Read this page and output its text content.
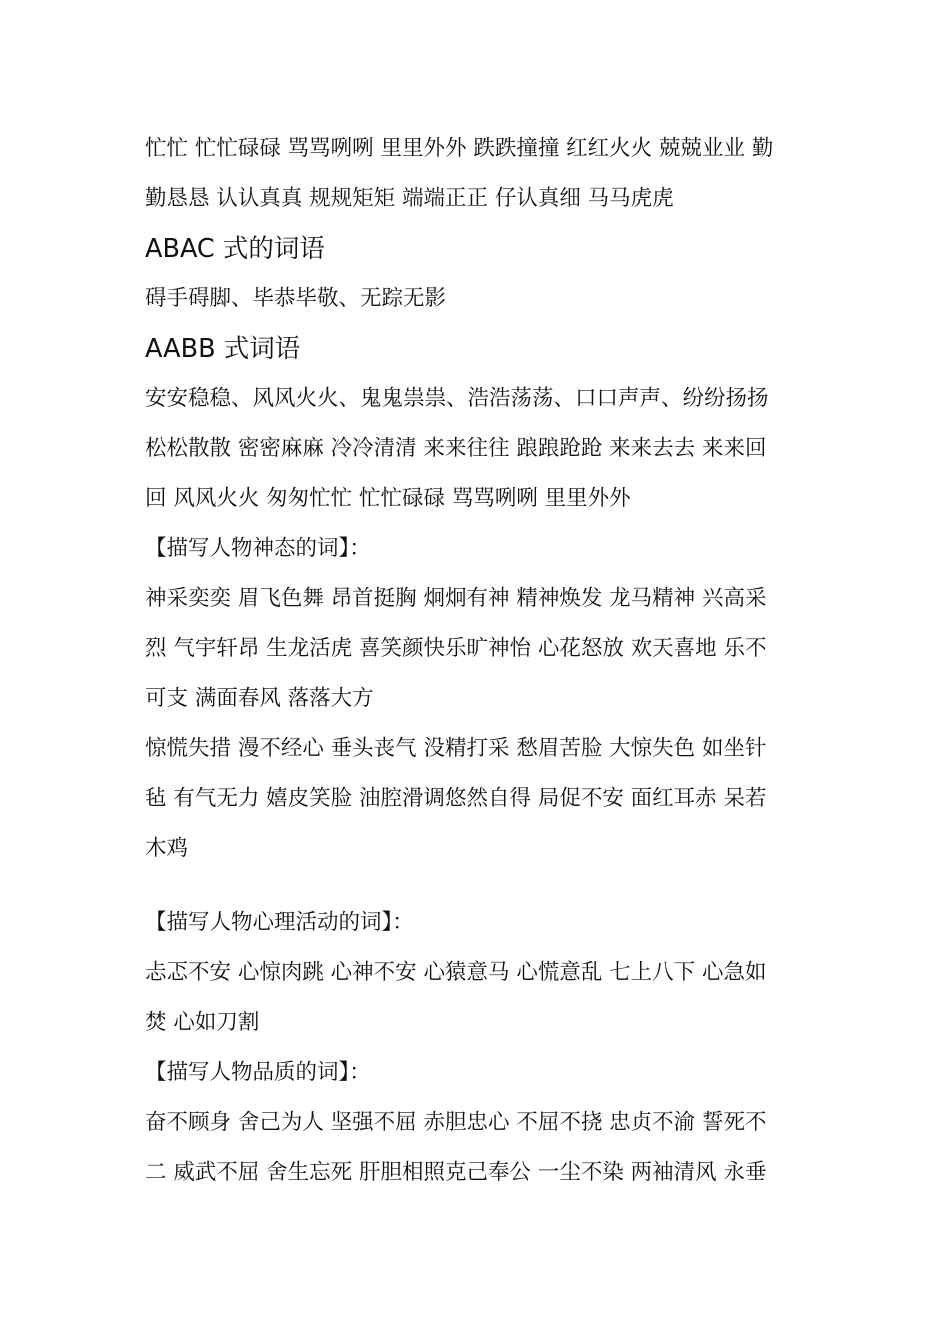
忙忙 忙忙碌碌 骂骂咧咧 里里外外 跌跌撞撞 红红火火 兢兢业业 勤
勤恳恳 认认真真 规规矩矩 端端正正 仔认真细 马马虎虎
ABAC 式的词语
碍手碍脚、毕恭毕敬、无踪无影
AABB 式词语
安安稳稳、风风火火、鬼鬼祟祟、浩浩荡荡、口口声声、纷纷扬扬
松松散散 密密麻麻 冷冷清清 来来往往 踉踉跄跄 来来去去 来来回
回 风风火火 匆匆忙忙 忙忙碌碌 骂骂咧咧 里里外外
【描写人物神态的词】：
神采奕奕 眉飞色舞 昂首挺胸 炯炯有神 精神焕发 龙马精神 兴高采
烈 气宇轩昂 生龙活虎 喜笑颜快乐旷神怡 心花怒放 欢天喜地 乐不
可支 满面春风 落落大方
惊慌失措 漫不经心 垂头丧气 没精打采 愁眉苦脸 大惊失色 如坐针
毡 有气无力 嬉皮笑脸 油腔滑调悠然自得 局促不安 面红耳赤 呆若
木鸡
【描写人物心理活动的词】：
忐忑不安 心惊肉跳 心神不安 心猿意马 心慌意乱 七上八下 心急如
焚 心如刀割
【描写人物品质的词】：
奋不顾身 舍己为人 坚强不屈 赤胆忠心 不屈不挠 忠贞不渝 誓死不
二 威武不屈 舍生忘死 肝胆相照克己奉公 一尘不染 两袖清风 永垂
